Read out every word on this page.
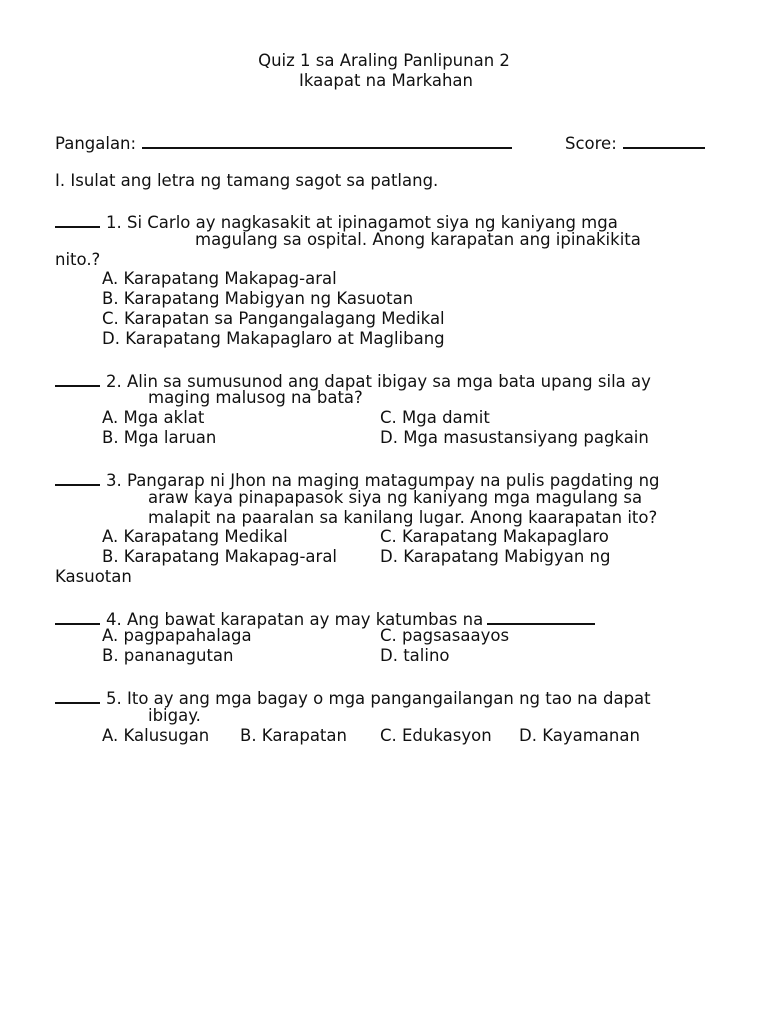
Quiz 1 sa Araling Panlipunan 2
Ikaapat na Markahan
Pangalan:	Score:
I. Isulat ang letra ng tamang sagot sa patlang.
1. Si Carlo ay nagkasakit at ipinagamot siya ng kaniyang mga
magulang sa ospital. Anong karapatan ang ipinakikita
nito.?
A. Karapatang Makapag-aral
B. Karapatang Mabigyan ng Kasuotan
C. Karapatan sa Pangangalagang Medikal
D. Karapatang Makapaglaro at Maglibang
2. Alin sa sumusunod ang dapat ibigay sa mga bata upang sila ay
maging malusog na bata?
A. Mga aklat	C. Mga damit
B. Mga laruan	D. Mga masustansiyang pagkain
3. Pangarap ni Jhon na maging matagumpay na pulis pagdating ng
araw kaya pinapapasok siya ng kaniyang mga magulang sa
malapit na paaralan sa kanilang lugar. Anong kaarapatan ito?
A. Karapatang Medikal	C. Karapatang Makapaglaro
B. Karapatang Makapag-aral	D. Karapatang Mabigyan ng
Kasuotan
4. Ang bawat karapatan ay may katumbas na
A. pagpapahalaga	C. pagsasaayos
B. pananagutan	D. talino
5. Ito ay ang mga bagay o mga pangangailangan ng tao na dapat
ibigay.
A. Kalusugan B. Karapatan C. Edukasyon D. Kayamanan
